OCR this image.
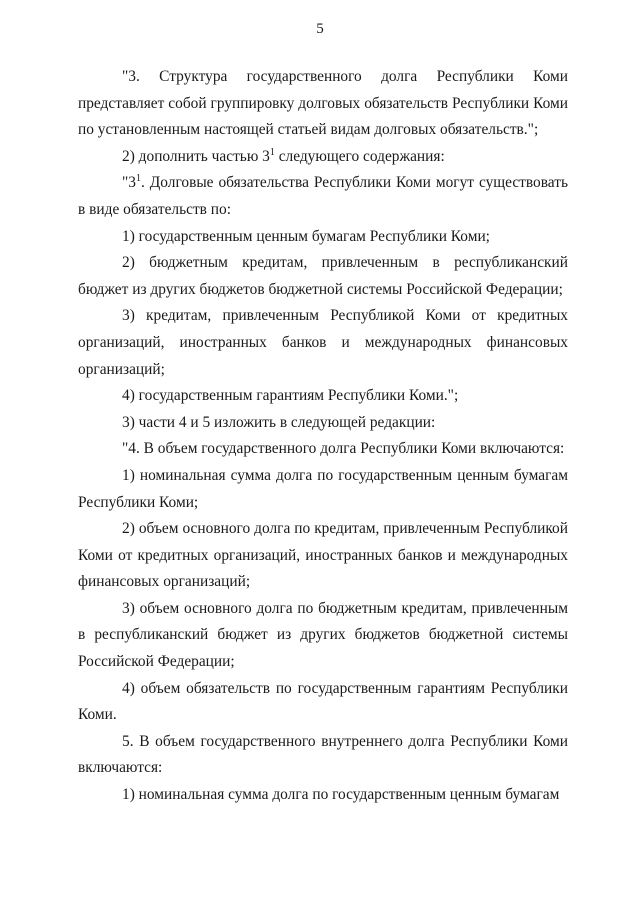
5

"3. Структура государственного долга Республики Коми представляет собой группировку долговых обязательств Республики Коми по установленным настоящей статьей видам долговых обязательств.";

2) дополнить частью $3^1$ следующего содержания:

"$3^1$. Долговые обязательства Республики Коми могут существовать в виде обязательств по:

1) государственным ценным бумагам Республики Коми;

2) бюджетным кредитам, привлеченным в республиканский бюджет из других бюджетов бюджетной системы Российской Федерации;

3) кредитам, привлеченным Республикой Коми от кредитных организаций, иностранных банков и международных финансовых организаций;

4) государственным гарантиям Республики Коми.";

3) части 4 и 5 изложить в следующей редакции:

"4. В объем государственного долга Республики Коми включаются:

1) номинальная сумма долга по государственным ценным бумагам Республики Коми;

2) объем основного долга по кредитам, привлеченным Республикой Коми от кредитных организаций, иностранных банков и международных финансовых организаций;

3) объем основного долга по бюджетным кредитам, привлеченным в республиканский бюджет из других бюджетов бюджетной системы Российской Федерации;

4) объем обязательств по государственным гарантиям Республики Коми.

5. В объем государственного внутреннего долга Республики Коми включаются:

1) номинальная сумма долга по государственным ценным бумагам
